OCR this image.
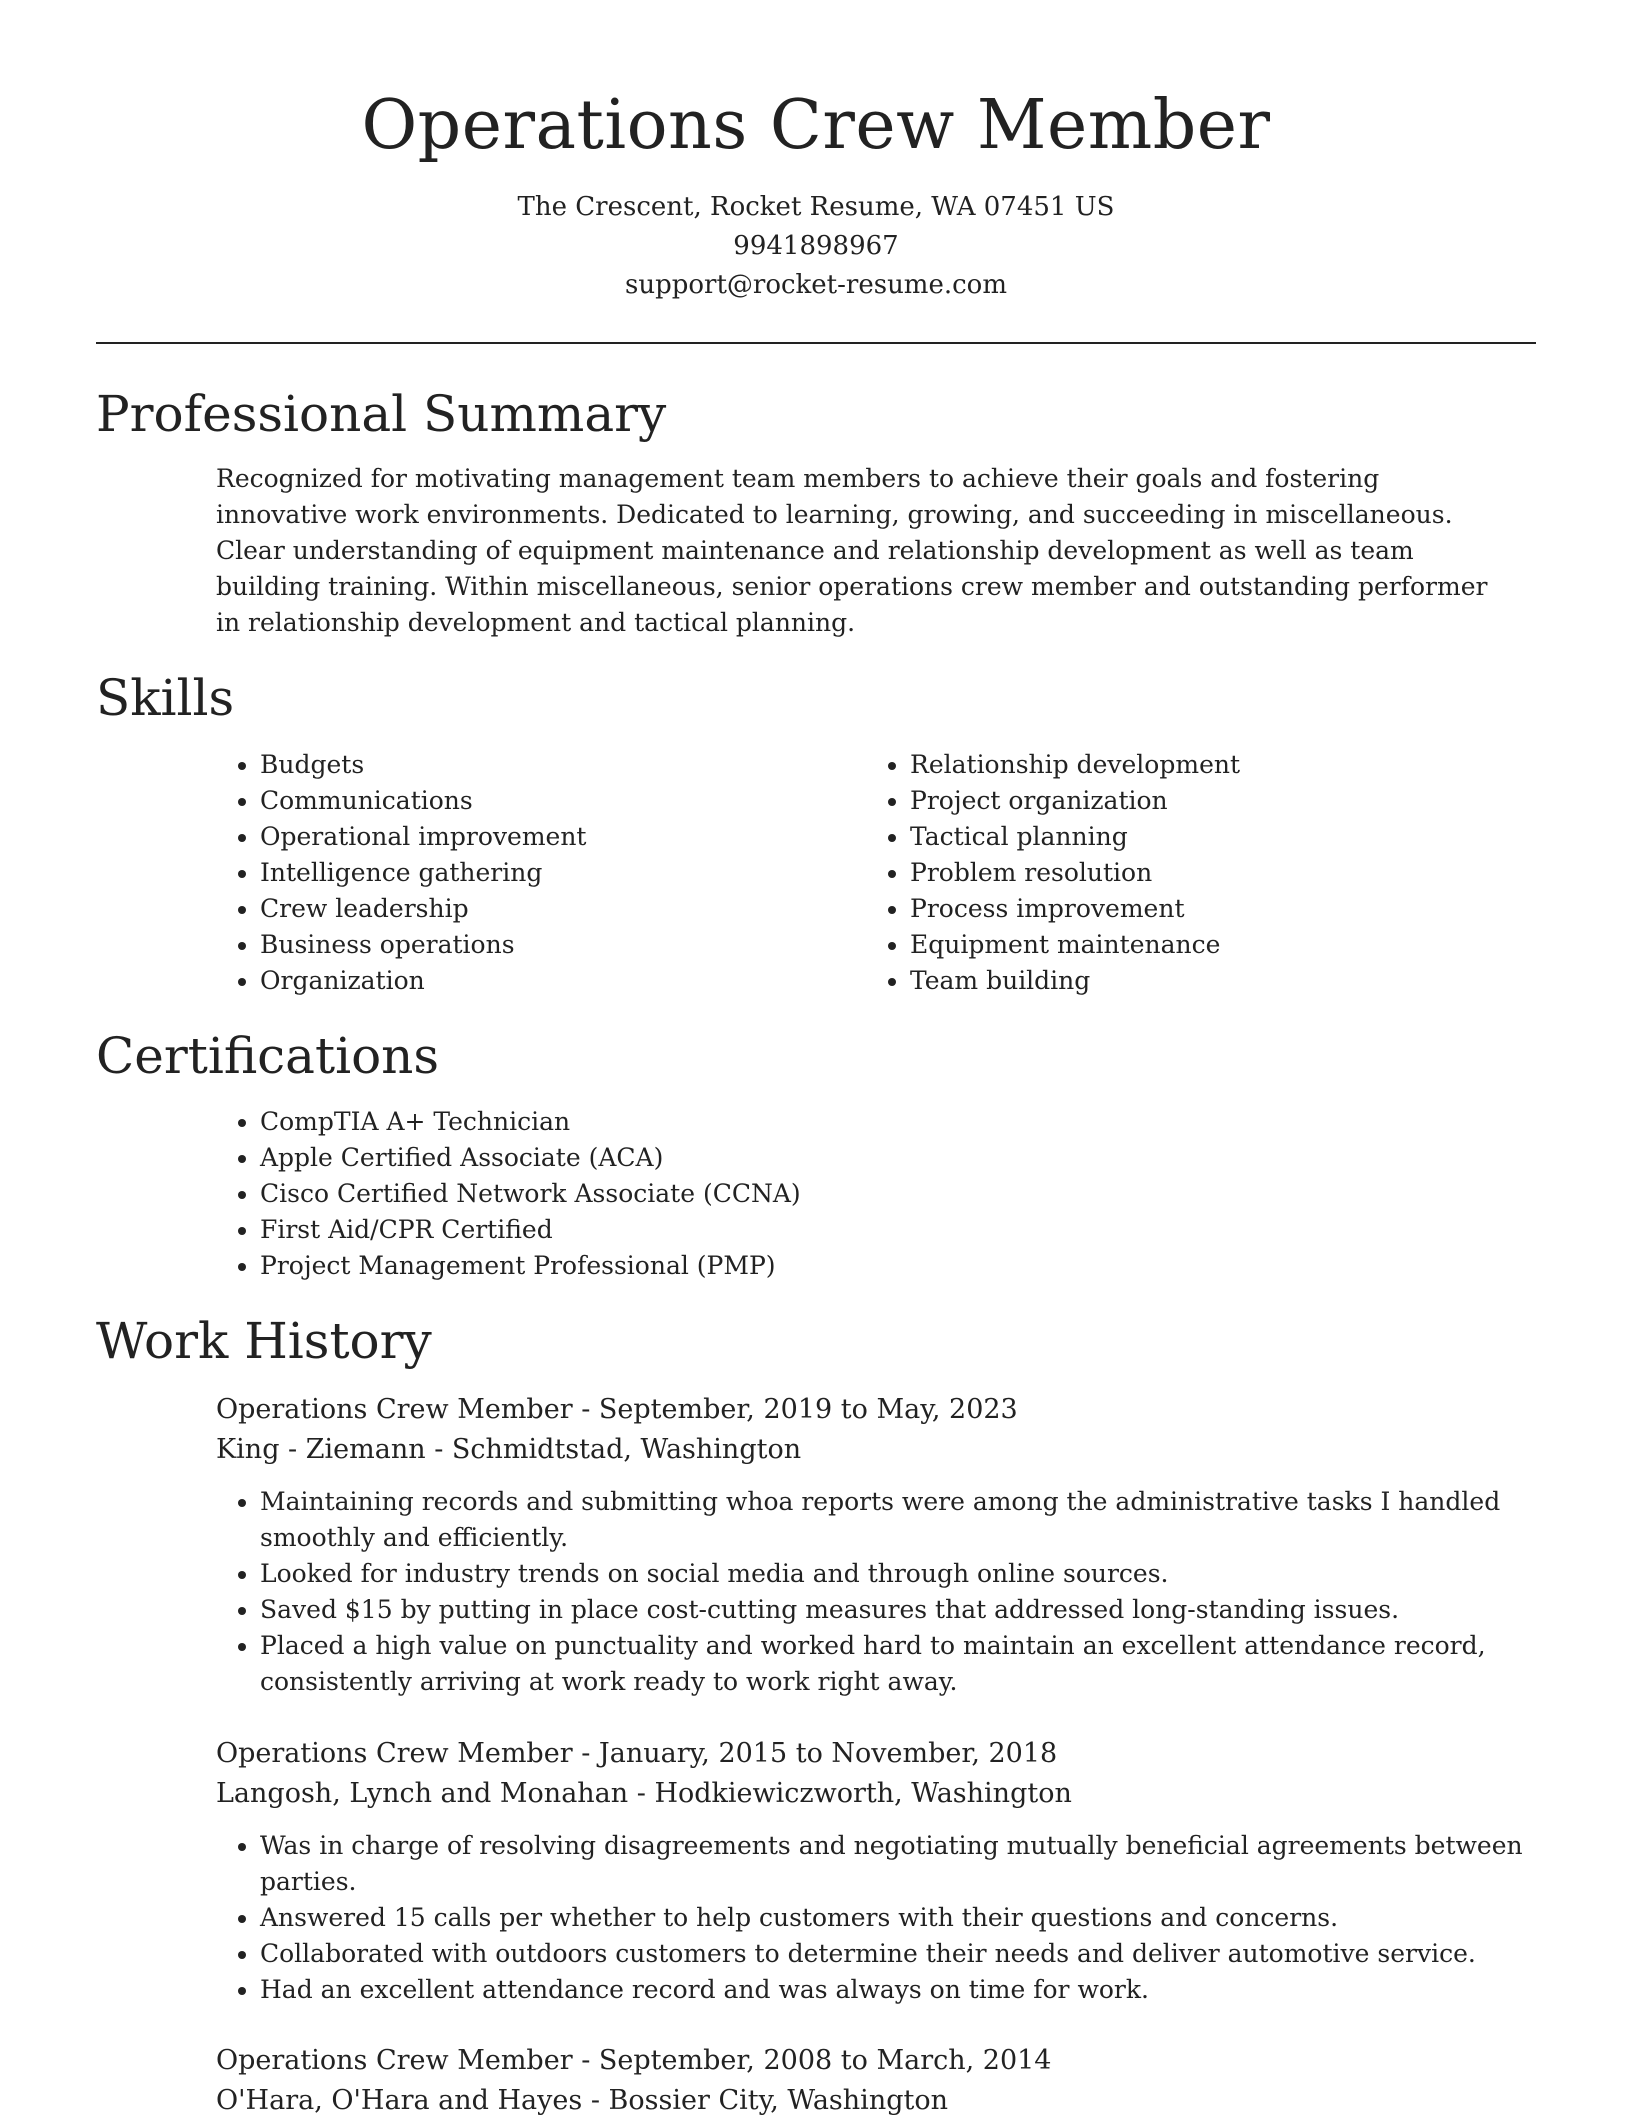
Operations Crew Member
The Crescent, Rocket Resume, WA 07451 US
9941898967
support@rocket-resume.com
Professional Summary
Recognized for motivating management team members to achieve their goals and fostering innovative work environments. Dedicated to learning, growing, and succeeding in miscellaneous. Clear understanding of equipment maintenance and relationship development as well as team building training. Within miscellaneous, senior operations crew member and outstanding performer in relationship development and tactical planning.
Skills
• Budgets
• Communications
• Operational improvement
• Intelligence gathering
• Crew leadership
• Business operations
• Organization
• Relationship development
• Project organization
• Tactical planning
• Problem resolution
• Process improvement
• Equipment maintenance
• Team building
Certifications
• CompTIA A+ Technician
• Apple Certified Associate (ACA)
• Cisco Certified Network Associate (CCNA)
• First Aid/CPR Certified
• Project Management Professional (PMP)
Work History
Operations Crew Member - September, 2019 to May, 2023
King - Ziemann - Schmidtstad, Washington
• Maintaining records and submitting whoa reports were among the administrative tasks I handled smoothly and efficiently.
• Looked for industry trends on social media and through online sources.
• Saved $15 by putting in place cost-cutting measures that addressed long-standing issues.
• Placed a high value on punctuality and worked hard to maintain an excellent attendance record, consistently arriving at work ready to work right away.
Operations Crew Member - January, 2015 to November, 2018
Langosh, Lynch and Monahan - Hodkiewiczworth, Washington
• Was in charge of resolving disagreements and negotiating mutually beneficial agreements between parties.
• Answered 15 calls per whether to help customers with their questions and concerns.
• Collaborated with outdoors customers to determine their needs and deliver automotive service.
• Had an excellent attendance record and was always on time for work.
Operations Crew Member - September, 2008 to March, 2014
O'Hara, O'Hara and Hayes - Bossier City, Washington
